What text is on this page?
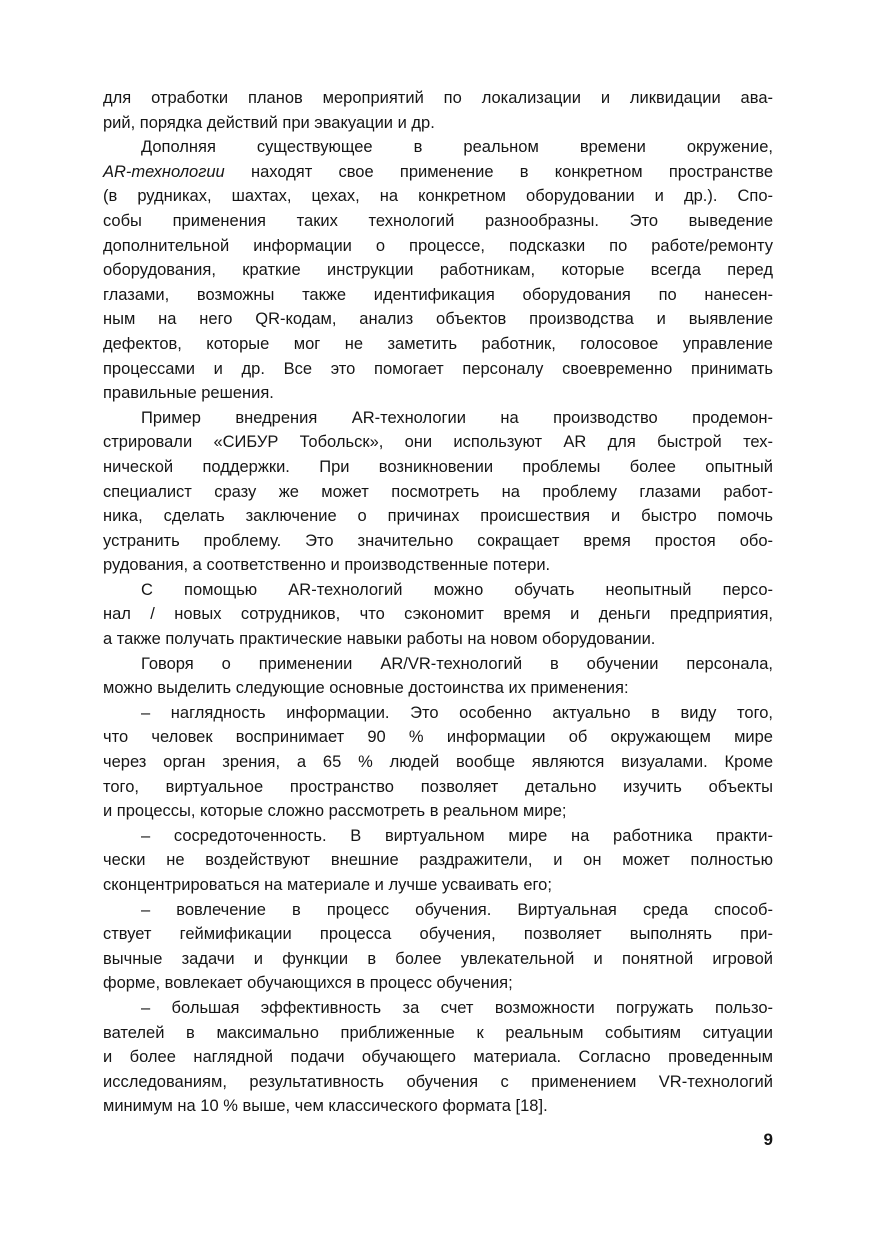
для отработки планов мероприятий по локализации и ликвидации ава-
рий, порядка действий при эвакуации и др.
Дополняя существующее в реальном времени окружение,
AR-технологии находят свое применение в конкретном пространстве
(в рудниках, шахтах, цехах, на конкретном оборудовании и др.). Спо-
собы применения таких технологий разнообразны. Это выведение
дополнительной информации о процессе, подсказки по работе/ремонту
оборудования, краткие инструкции работникам, которые всегда перед
глазами, возможны также идентификация оборудования по нанесен-
ным на него QR-кодам, анализ объектов производства и выявление
дефектов, которые мог не заметить работник, голосовое управление
процессами и др. Все это помогает персоналу своевременно принимать
правильные решения.
Пример внедрения AR-технологии на производство продемон-
стрировали «СИБУР Тобольск», они используют AR для быстрой тех-
нической поддержки. При возникновении проблемы более опытный
специалист сразу же может посмотреть на проблему глазами работ-
ника, сделать заключение о причинах происшествия и быстро помочь
устранить проблему. Это значительно сокращает время простоя обо-
рудования, а соответственно и производственные потери.
С помощью AR-технологий можно обучать неопытный персо-
нал / новых сотрудников, что сэкономит время и деньги предприятия,
а также получать практические навыки работы на новом оборудовании.
Говоря о применении AR/VR-технологий в обучении персонала,
можно выделить следующие основные достоинства их применения:
– наглядность информации. Это особенно актуально в виду того,
что человек воспринимает 90 % информации об окружающем мире
через орган зрения, а 65 % людей вообще являются визуалами. Кроме
того, виртуальное пространство позволяет детально изучить объекты
и процессы, которые сложно рассмотреть в реальном мире;
– сосредоточенность. В виртуальном мире на работника практи-
чески не воздействуют внешние раздражители, и он может полностью
сконцентрироваться на материале и лучше усваивать его;
– вовлечение в процесс обучения. Виртуальная среда способ-
ствует геймификации процесса обучения, позволяет выполнять при-
вычные задачи и функции в более увлекательной и понятной игровой
форме, вовлекает обучающихся в процесс обучения;
– большая эффективность за счет возможности погружать пользо-
вателей в максимально приближенные к реальным событиям ситуации
и более наглядной подачи обучающего материала. Согласно проведенным
исследованиям, результативность обучения с применением VR-технологий
минимум на 10 % выше, чем классического формата [18].
9
